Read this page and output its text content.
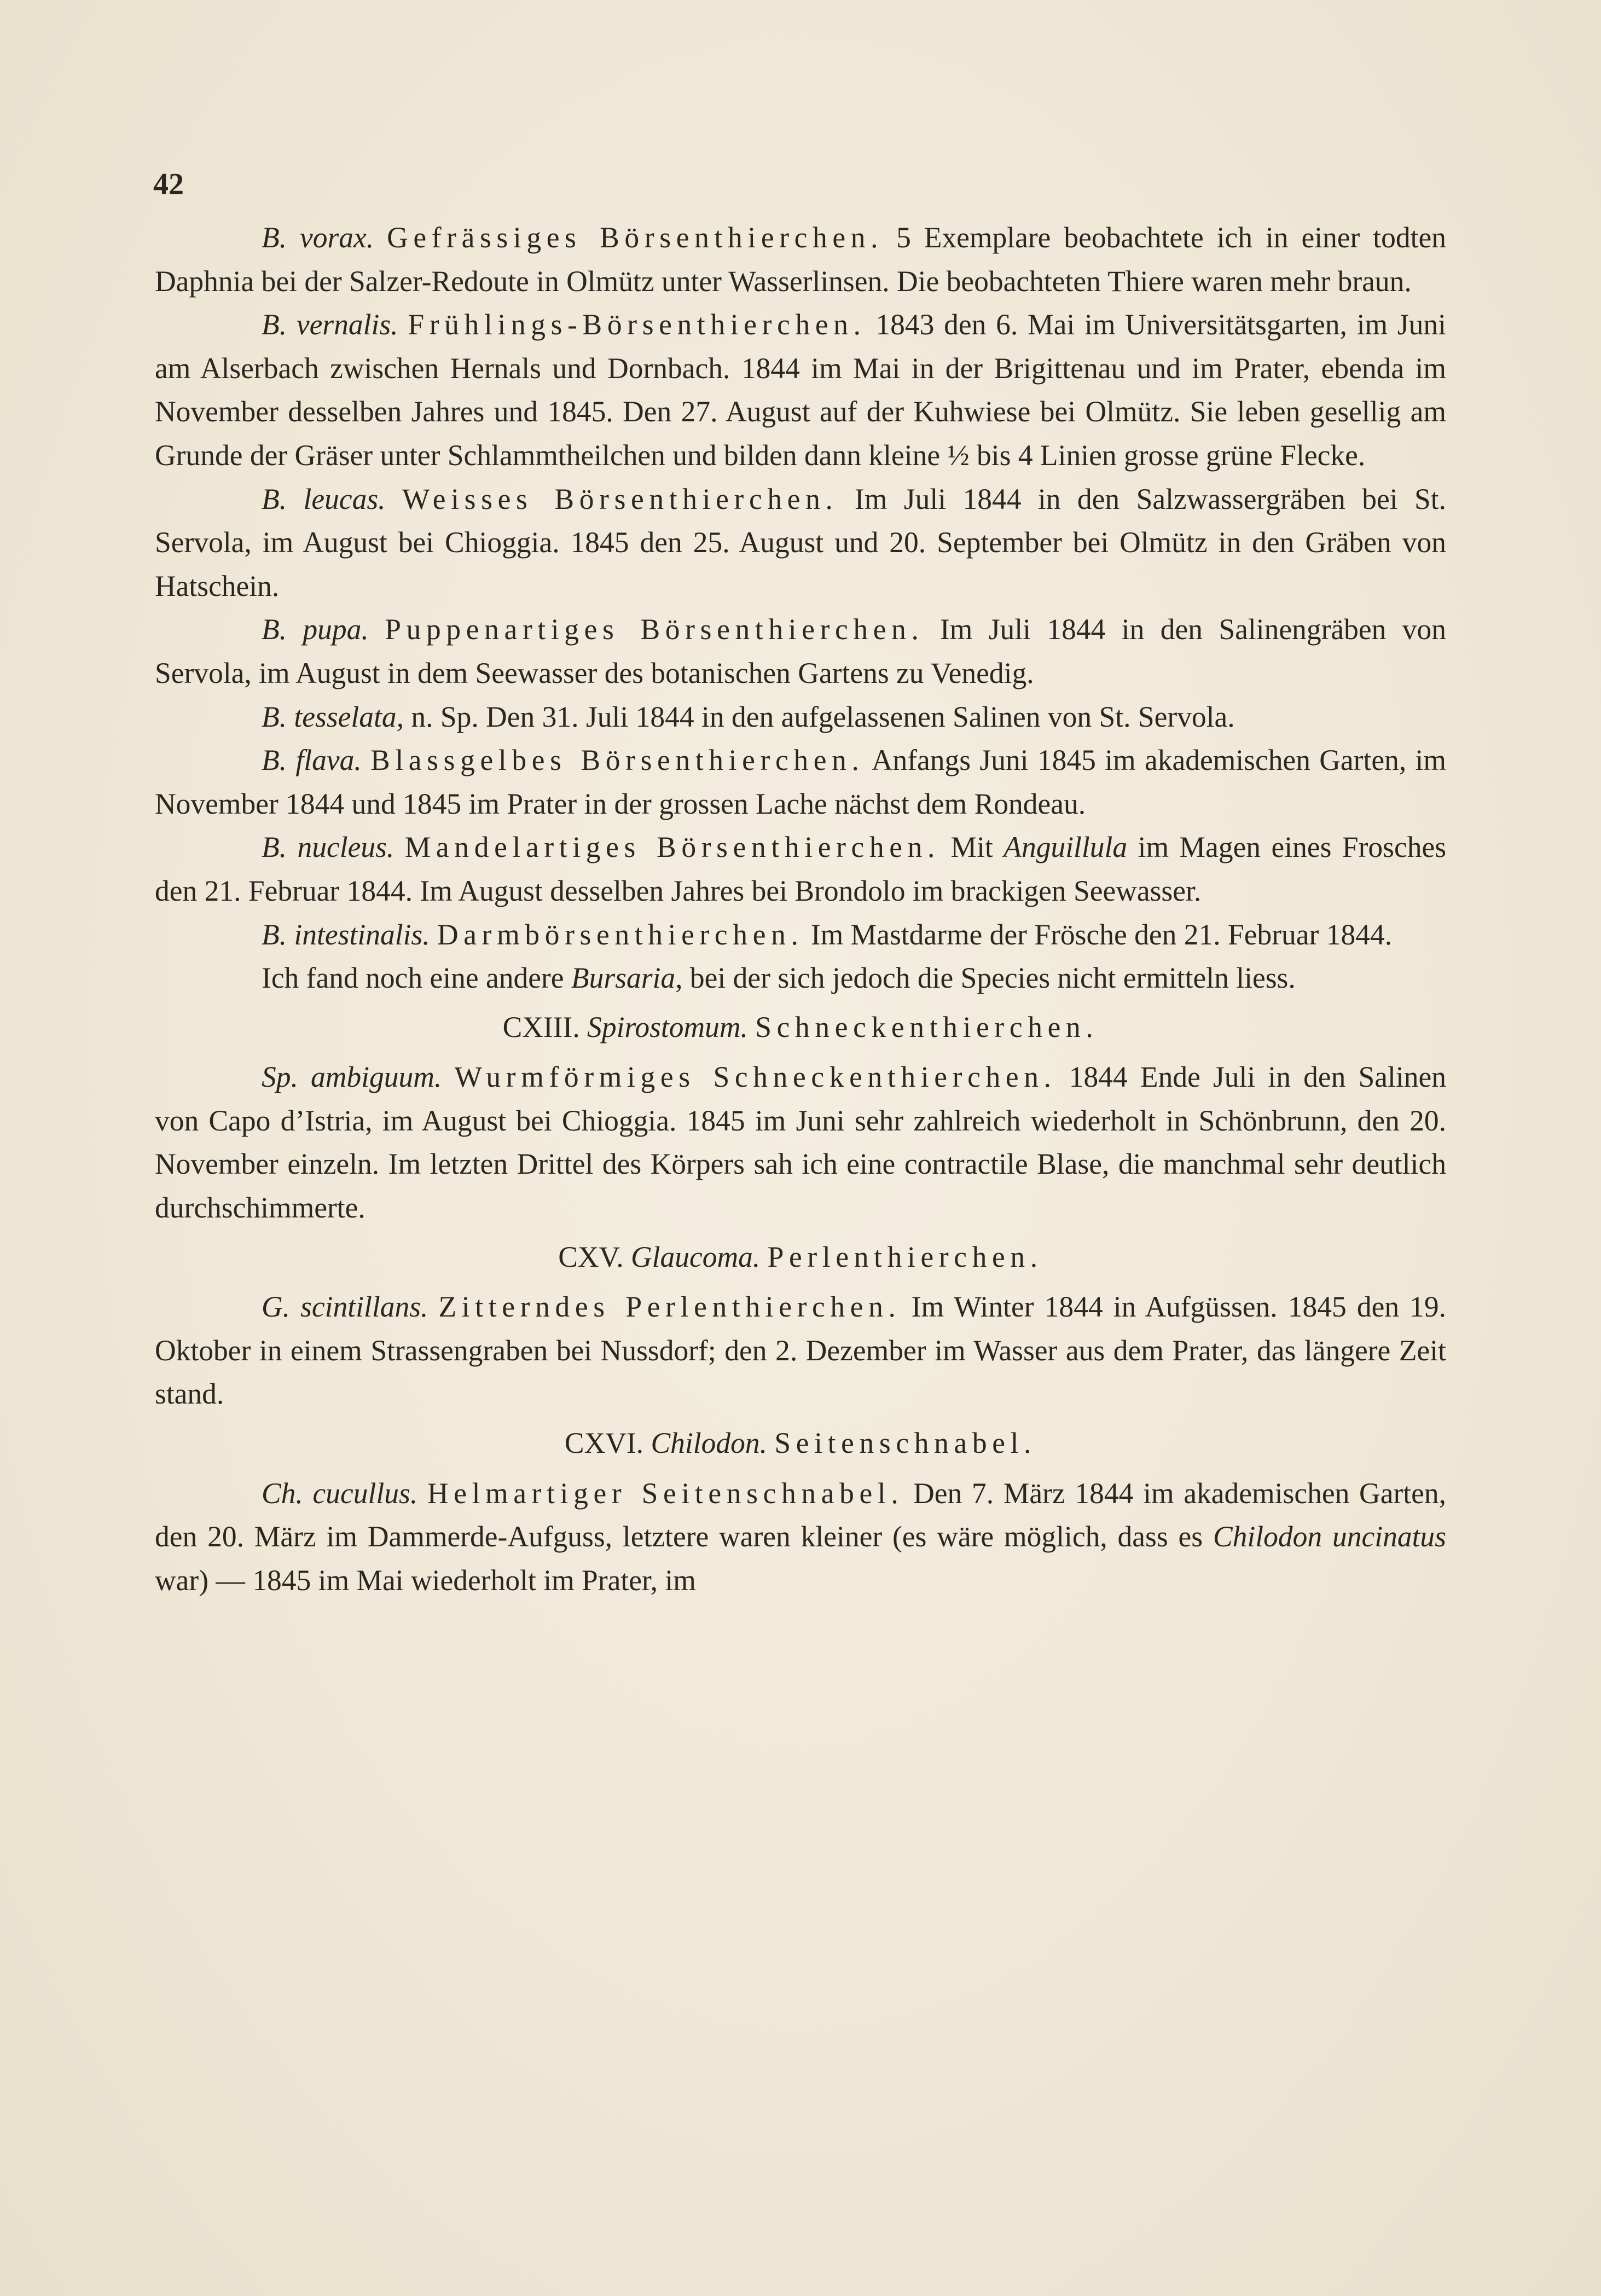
42

B. vorax. Gefrässiges Börsenthierchen. 5 Exemplare beobachtete ich in einer todten Daphnia bei der Salzer-Redoute in Olmütz unter Wasserlinsen. Die beobachteten Thiere waren mehr braun.

B. vernalis. Frühlings-Börsenthierchen. 1843 den 6. Mai im Universitätsgarten, im Juni am Alserbach zwischen Hernals und Dornbach. 1844 im Mai in der Brigittenau und im Prater, ebenda im November desselben Jahres und 1845. Den 27. August auf der Kuhwiese bei Olmütz. Sie leben gesellig am Grunde der Gräser unter Schlammtheilchen und bilden dann kleine ½ bis 4 Linien grosse grüne Flecke.

B. leucas. Weisses Börsenthierchen. Im Juli 1844 in den Salzwassergräben bei St. Servola, im August bei Chioggia. 1845 den 25. August und 20. September bei Olmütz in den Gräben von Hatschein.

B. pupa. Puppenartiges Börsenthierchen. Im Juli 1844 in den Salinengräben von Servola, im August in dem Seewasser des botanischen Gartens zu Venedig.

B. tesselata, n. Sp. Den 31. Juli 1844 in den aufgelassenen Salinen von St. Servola.

B. flava. Blassgelbes Börsenthierchen. Anfangs Juni 1845 im akademischen Garten, im November 1844 und 1845 im Prater in der grossen Lache nächst dem Rondeau.

B. nucleus. Mandelartiges Börsenthierchen. Mit Anguillula im Magen eines Frosches den 21. Februar 1844. Im August desselben Jahres bei Brondolo im brackigen Seewasser.

B. intestinalis. Darmbörsenthierchen. Im Mastdarme der Frösche den 21. Februar 1844.

Ich fand noch eine andere Bursaria, bei der sich jedoch die Species nicht ermitteln liess.

CXIII. Spirostomum. Schneckenthierchen.

Sp. ambiguum. Wurmförmiges Schneckenthierchen. 1844 Ende Juli in den Salinen von Capo d’Istria, im August bei Chioggia. 1845 im Juni sehr zahlreich wiederholt in Schönbrunn, den 20. November einzeln. Im letzten Drittel des Körpers sah ich eine contractile Blase, die manchmal sehr deutlich durchschimmerte.

CXV. Glaucoma. Perlenthierchen.

G. scintillans. Zitterndes Perlenthierchen. Im Winter 1844 in Aufgüssen. 1845 den 19. Oktober in einem Strassengraben bei Nussdorf; den 2. Dezember im Wasser aus dem Prater, das längere Zeit stand.

CXVI. Chilodon. Seitenschnabel.

Ch. cucullus. Helmartiger Seitenschnabel. Den 7. März 1844 im akademischen Garten, den 20. März im Dammerde-Aufguss, letztere waren kleiner (es wäre möglich, dass es Chilodon uncinatus war) — 1845 im Mai wiederholt im Prater, im
